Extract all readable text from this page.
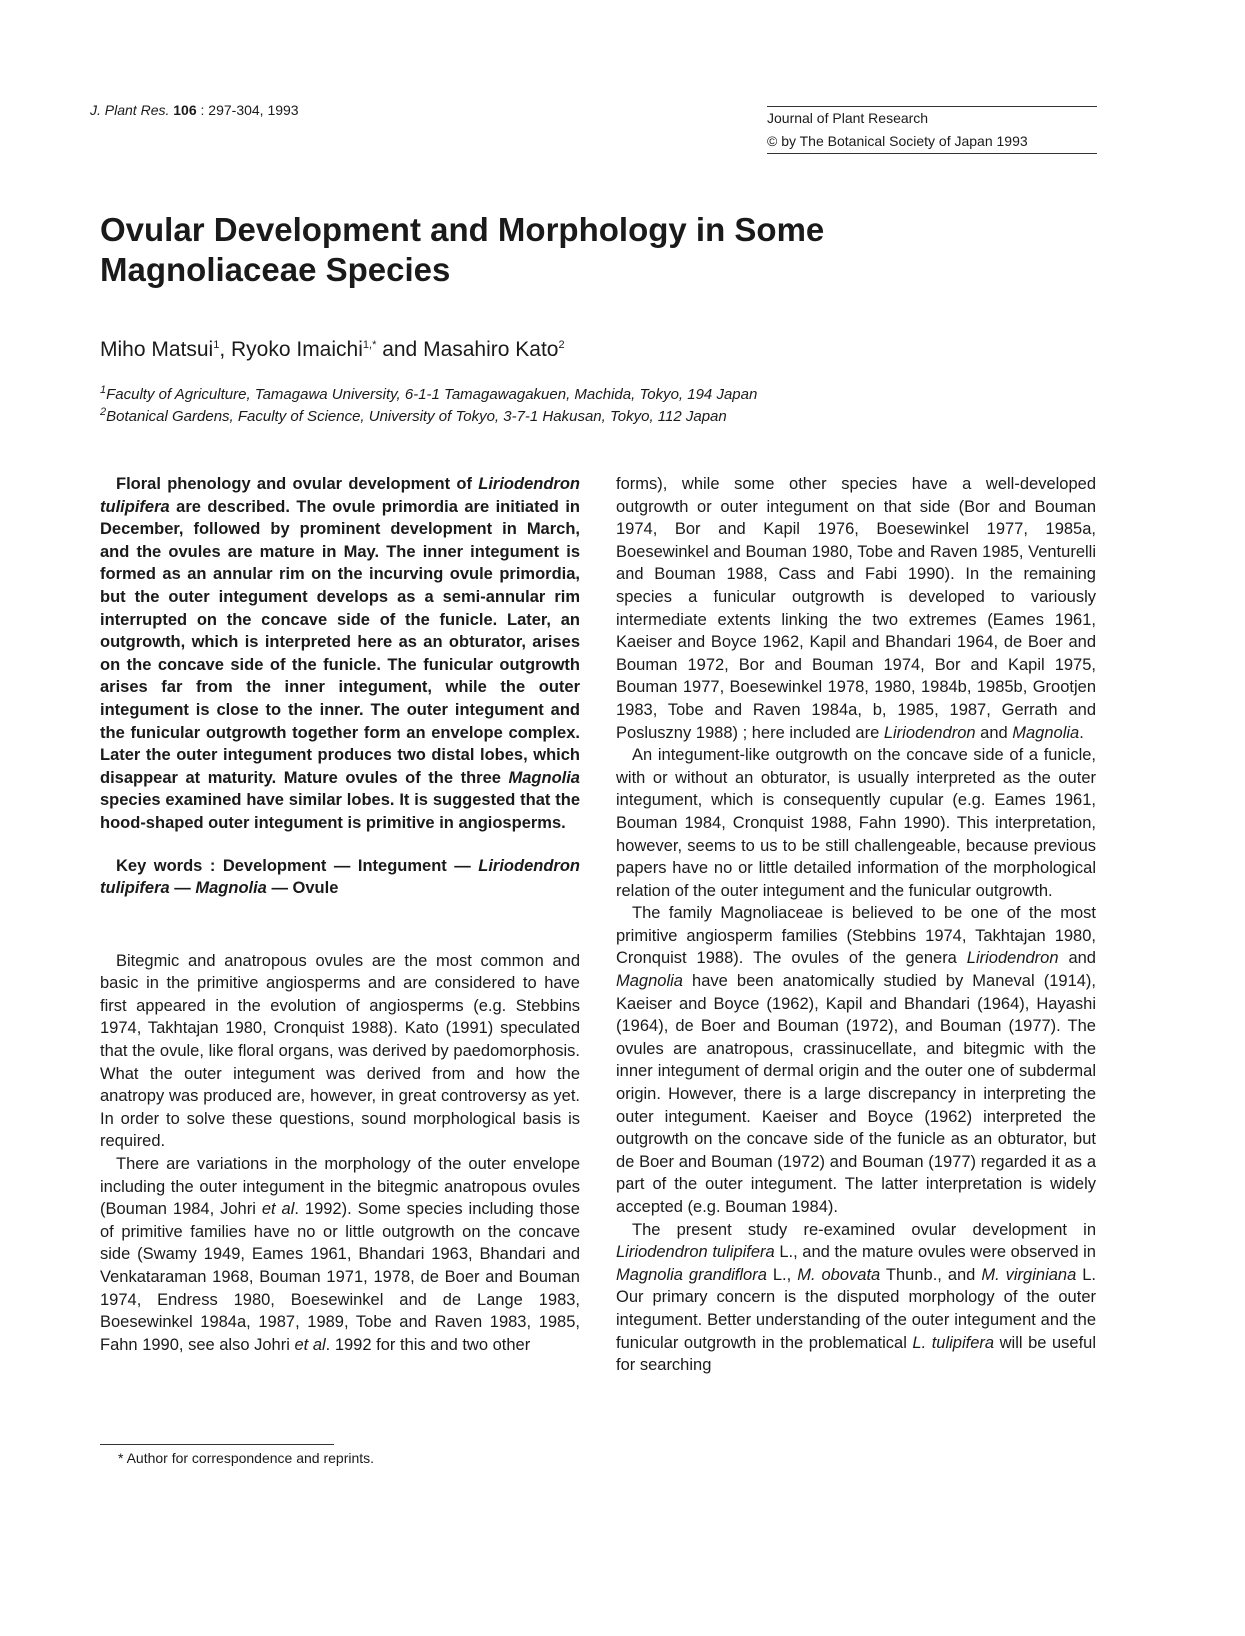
J. Plant Res. 106 : 297-304, 1993	Journal of Plant Research
© by The Botanical Society of Japan 1993
Ovular Development and Morphology in Some Magnoliaceae Species
Miho Matsui$^1$, Ryoko Imaichi$^{1,*}$ and Masahiro Kato$^2$
$^1$Faculty of Agriculture, Tamagawa University, 6-1-1 Tamagawagakuen, Machida, Tokyo, 194 Japan
$^2$Botanical Gardens, Faculty of Science, University of Tokyo, 3-7-1 Hakusan, Tokyo, 112 Japan

Floral phenology and ovular development of Liriodendron tulipifera are described. The ovule primordia are initiated in December, followed by prominent development in March, and the ovules are mature in May. The inner integument is formed as an annular rim on the incurving ovule primordia, but the outer integument develops as a semi-annular rim interrupted on the concave side of the funicle. Later, an outgrowth, which is interpreted here as an obturator, arises on the concave side of the funicle. The funicular outgrowth arises far from the inner integument, while the outer integument is close to the inner. The outer integument and the funicular outgrowth together form an envelope complex. Later the outer integument produces two distal lobes, which disappear at maturity. Mature ovules of the three Magnolia species examined have similar lobes. It is suggested that the hood-shaped outer integument is primitive in angiosperms.

Key words : Development — Integument — Liriodendron tulipifera — Magnolia — Ovule

Bitegmic and anatropous ovules are the most common and basic in the primitive angiosperms and are considered to have first appeared in the evolution of angiosperms (e.g. Stebbins 1974, Takhtajan 1980, Cronquist 1988). Kato (1991) speculated that the ovule, like floral organs, was derived by paedomorphosis. What the outer integument was derived from and how the anatropy was produced are, however, in great controversy as yet. In order to solve these questions, sound morphological basis is required.

There are variations in the morphology of the outer envelope including the outer integument in the bitegmic anatropous ovules (Bouman 1984, Johri et al. 1992). Some species including those of primitive families have no or little outgrowth on the concave side (Swamy 1949, Eames 1961, Bhandari 1963, Bhandari and Venkataraman 1968, Bouman 1971, 1978, de Boer and Bouman 1974, Endress 1980, Boesewinkel and de Lange 1983, Boesewinkel 1984a, 1987, 1989, Tobe and Raven 1983, 1985, Fahn 1990, see also Johri et al. 1992 for this and two other

forms), while some other species have a well-developed outgrowth or outer integument on that side (Bor and Bouman 1974, Bor and Kapil 1976, Boesewinkel 1977, 1985a, Boesewinkel and Bouman 1980, Tobe and Raven 1985, Venturelli and Bouman 1988, Cass and Fabi 1990). In the remaining species a funicular outgrowth is developed to variously intermediate extents linking the two extremes (Eames 1961, Kaeiser and Boyce 1962, Kapil and Bhandari 1964, de Boer and Bouman 1972, Bor and Bouman 1974, Bor and Kapil 1975, Bouman 1977, Boesewinkel 1978, 1980, 1984b, 1985b, Grootjen 1983, Tobe and Raven 1984a, b, 1985, 1987, Gerrath and Posluszny 1988) ; here included are Liriodendron and Magnolia.

An integument-like outgrowth on the concave side of a funicle, with or without an obturator, is usually interpreted as the outer integument, which is consequently cupular (e.g. Eames 1961, Bouman 1984, Cronquist 1988, Fahn 1990). This interpretation, however, seems to us to be still challengeable, because previous papers have no or little detailed information of the morphological relation of the outer integument and the funicular outgrowth.

The family Magnoliaceae is believed to be one of the most primitive angiosperm families (Stebbins 1974, Takhtajan 1980, Cronquist 1988). The ovules of the genera Liriodendron and Magnolia have been anatomically studied by Maneval (1914), Kaeiser and Boyce (1962), Kapil and Bhandari (1964), Hayashi (1964), de Boer and Bouman (1972), and Bouman (1977). The ovules are anatropous, crassinucellate, and bitegmic with the inner integument of dermal origin and the outer one of subdermal origin. However, there is a large discrepancy in interpreting the outer integument. Kaeiser and Boyce (1962) interpreted the outgrowth on the concave side of the funicle as an obturator, but de Boer and Bouman (1972) and Bouman (1977) regarded it as a part of the outer integument. The latter interpretation is widely accepted (e.g. Bouman 1984).

The present study re-examined ovular development in Liriodendron tulipifera L., and the mature ovules were observed in Magnolia grandiflora L., M. obovata Thunb., and M. virginiana L. Our primary concern is the disputed morphology of the outer integument. Better understanding of the outer integument and the funicular outgrowth in the problematical L. tulipifera will be useful for searching

* Author for correspondence and reprints.
